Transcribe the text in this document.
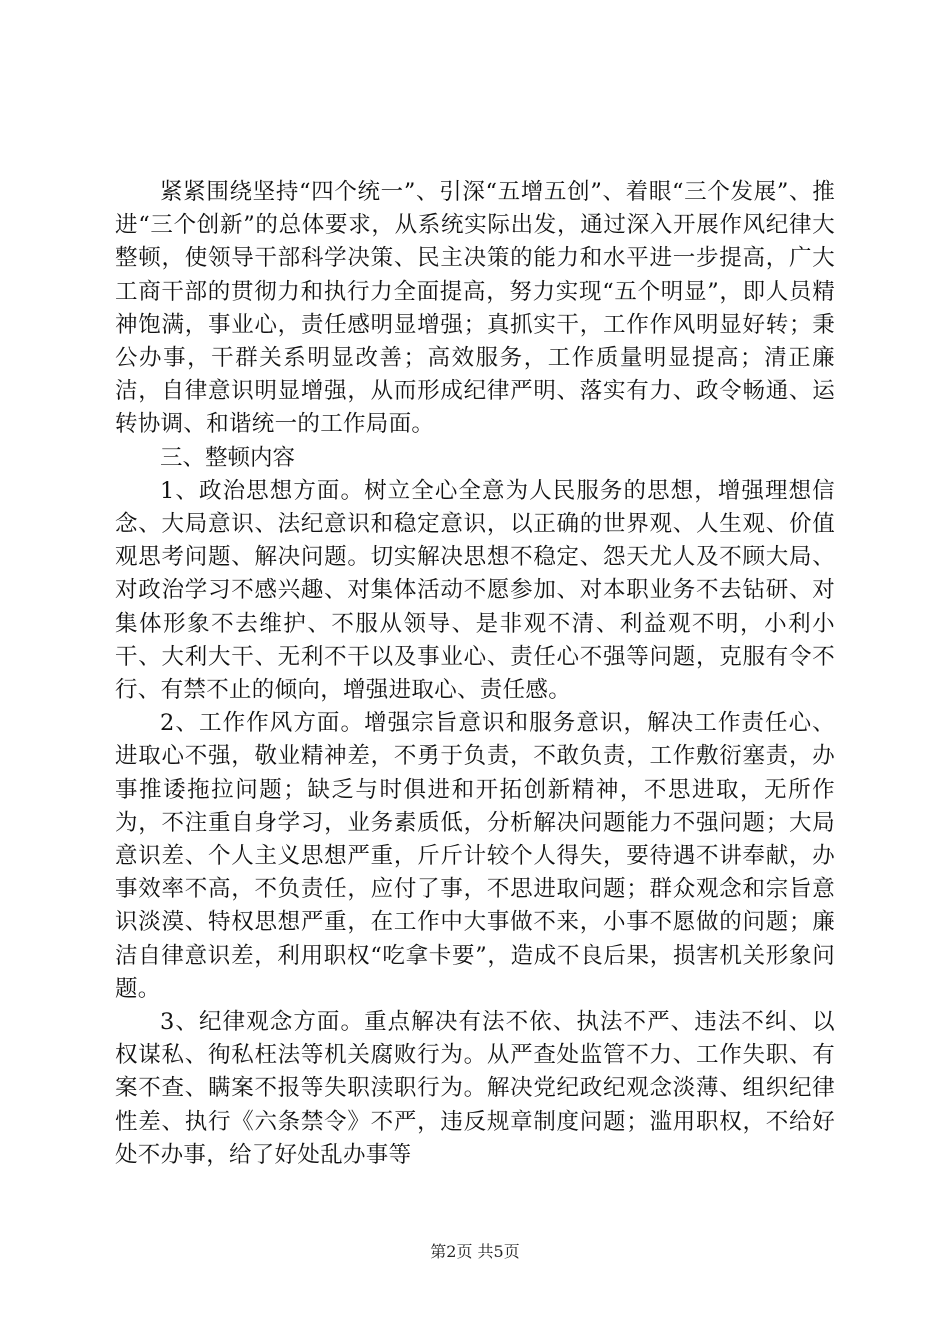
紧紧围绕坚持“四个统一”、引深“五增五创”、着眼“三个发展”、推进“三个创新”的总体要求，从系统实际出发，通过深入开展作风纪律大整顿，使领导干部科学决策、民主决策的能力和水平进一步提高，广大工商干部的贯彻力和执行力全面提高，努力实现“五个明显”，即人员精神饱满，事业心，责任感明显增强；真抓实干，工作作风明显好转；秉公办事，干群关系明显改善；高效服务，工作质量明显提高；清正廉洁，自律意识明显增强，从而形成纪律严明、落实有力、政令畅通、运转协调、和谐统一的工作局面。

三、整顿内容

1、政治思想方面。树立全心全意为人民服务的思想，增强理想信念、大局意识、法纪意识和稳定意识，以正确的世界观、人生观、价值观思考问题、解决问题。切实解决思想不稳定、怨天尤人及不顾大局、对政治学习不感兴趣、对集体活动不愿参加、对本职业务不去钻研、对集体形象不去维护、不服从领导、是非观不清、利益观不明，小利小干、大利大干、无利不干以及事业心、责任心不强等问题，克服有令不行、有禁不止的倾向，增强进取心、责任感。

2、工作作风方面。增强宗旨意识和服务意识，解决工作责任心、进取心不强，敬业精神差，不勇于负责，不敢负责，工作敷衍塞责，办事推诿拖拉问题；缺乏与时俱进和开拓创新精神，不思进取，无所作为，不注重自身学习，业务素质低，分析解决问题能力不强问题；大局意识差、个人主义思想严重，斤斤计较个人得失，要待遇不讲奉献，办事效率不高，不负责任，应付了事，不思进取问题；群众观念和宗旨意识淡漠、特权思想严重，在工作中大事做不来，小事不愿做的问题；廉洁自律意识差，利用职权“吃拿卡要”，造成不良后果，损害机关形象问题。

3、纪律观念方面。重点解决有法不依、执法不严、违法不纠、以权谋私、徇私枉法等机关腐败行为。从严查处监管不力、工作失职、有案不查、瞒案不报等失职渎职行为。解决党纪政纪观念淡薄、组织纪律性差、执行《六条禁令》不严，违反规章制度问题；滥用职权，不给好处不办事，给了好处乱办事等

第2页 共5页
